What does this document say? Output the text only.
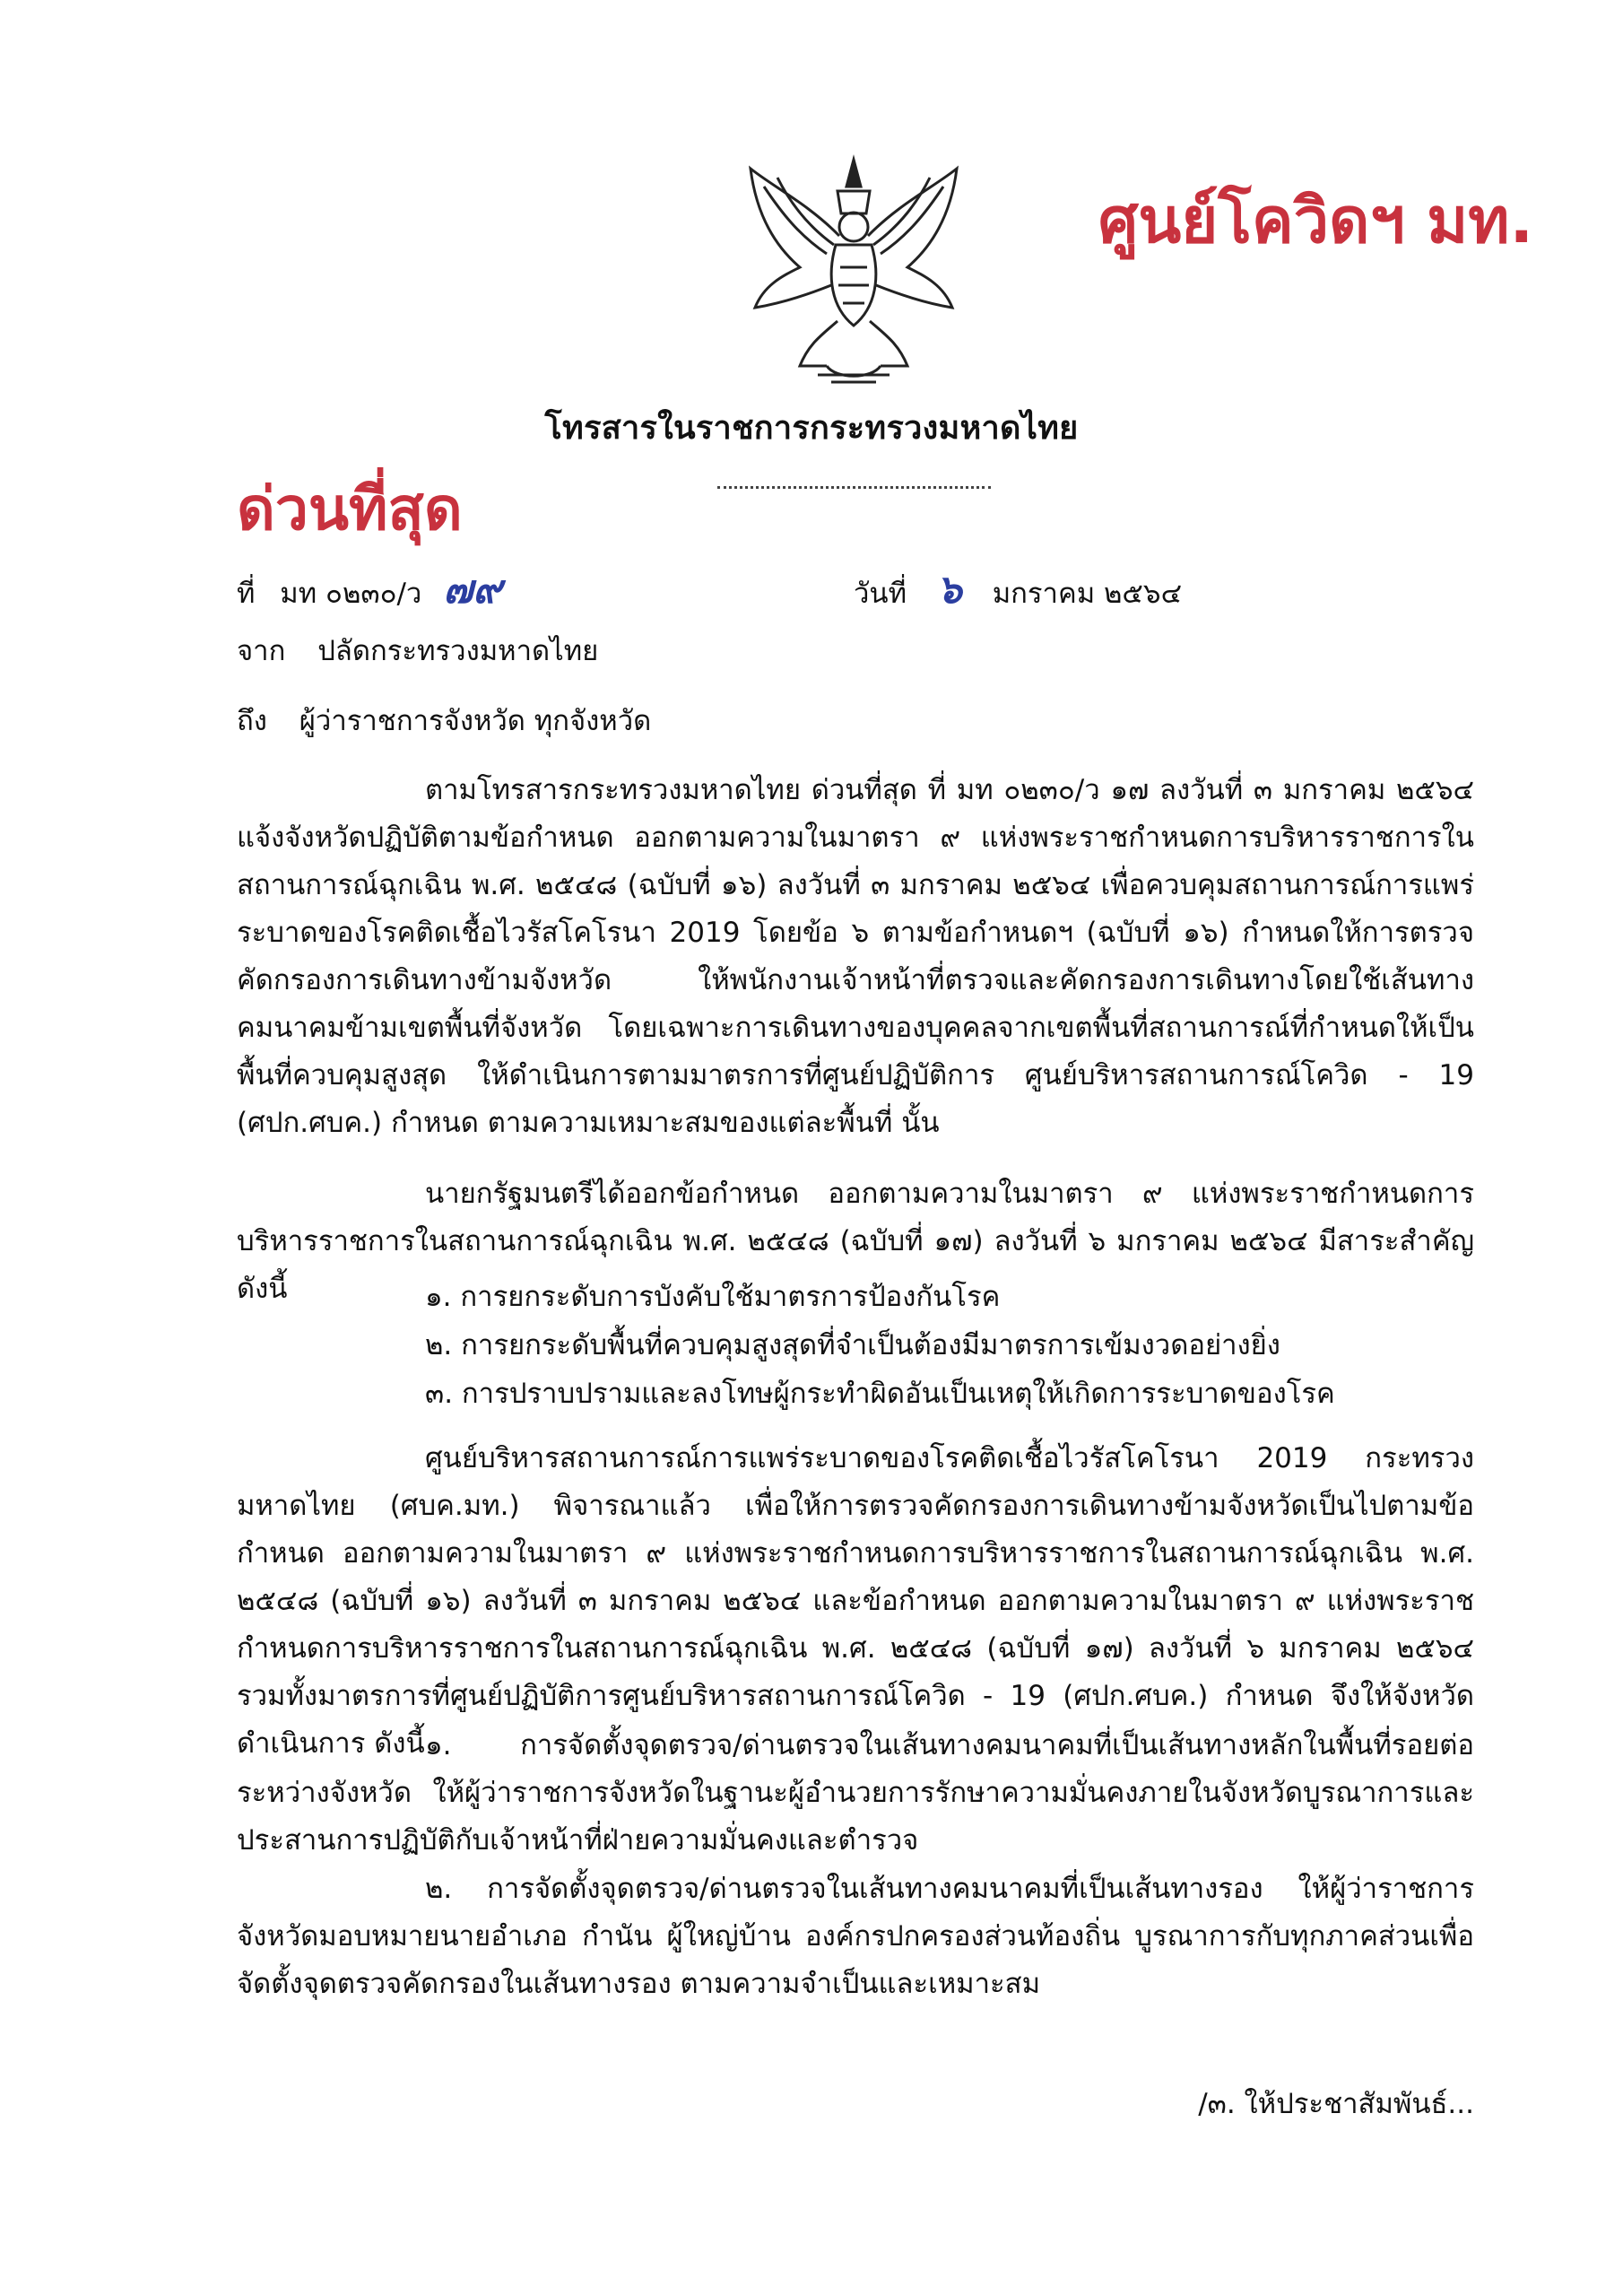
ศูนย์โควิดฯ มท.
โทรสารในราชการกระทรวงมหาดไทย
ด่วนที่สุด
ที่ มท ๐๒๓๐/ว ๗๙	วันที่ ๖ มกราคม ๒๕๖๔
จาก ปลัดกระทรวงมหาดไทย
ถึง ผู้ว่าราชการจังหวัด ทุกจังหวัด
ตามโทรสารกระทรวงมหาดไทย ด่วนที่สุด ที่ มท ๐๒๓๐/ว ๑๗ ลงวันที่ ๓ มกราคม ๒๕๖๔ แจ้งจังหวัดปฏิบัติตามข้อกำหนด ออกตามความในมาตรา ๙ แห่งพระราชกำหนดการบริหารราชการในสถานการณ์ฉุกเฉิน พ.ศ. ๒๕๔๘ (ฉบับที่ ๑๖) ลงวันที่ ๓ มกราคม ๒๕๖๔ เพื่อควบคุมสถานการณ์การแพร่ระบาดของโรคติดเชื้อไวรัสโคโรนา 2019 โดยข้อ ๖ ตามข้อกำหนดฯ (ฉบับที่ ๑๖) กำหนดให้การตรวจคัดกรองการเดินทางข้ามจังหวัด ให้พนักงานเจ้าหน้าที่ตรวจและคัดกรองการเดินทางโดยใช้เส้นทางคมนาคมข้ามเขตพื้นที่จังหวัด โดยเฉพาะการเดินทางของบุคคลจากเขตพื้นที่สถานการณ์ที่กำหนดให้เป็นพื้นที่ควบคุมสูงสุด ให้ดำเนินการตามมาตรการที่ศูนย์ปฏิบัติการ ศูนย์บริหารสถานการณ์โควิด - 19 (ศปก.ศบค.) กำหนด ตามความเหมาะสมของแต่ละพื้นที่ นั้น
นายกรัฐมนตรีได้ออกข้อกำหนด ออกตามความในมาตรา ๙ แห่งพระราชกำหนดการบริหารราชการในสถานการณ์ฉุกเฉิน พ.ศ. ๒๕๔๘ (ฉบับที่ ๑๗) ลงวันที่ ๖ มกราคม ๒๕๖๔ มีสาระสำคัญ ดังนี้	๑. การยกระดับการบังคับใช้มาตรการป้องกันโรค
๒. การยกระดับพื้นที่ควบคุมสูงสุดที่จำเป็นต้องมีมาตรการเข้มงวดอย่างยิ่ง
๓. การปราบปรามและลงโทษผู้กระทำผิดอันเป็นเหตุให้เกิดการระบาดของโรค
ศูนย์บริหารสถานการณ์การแพร่ระบาดของโรคติดเชื้อไวรัสโคโรนา 2019 กระทรวงมหาดไทย (ศบค.มท.) พิจารณาแล้ว เพื่อให้การตรวจคัดกรองการเดินทางข้ามจังหวัดเป็นไปตามข้อกำหนด ออกตามความในมาตรา ๙ แห่งพระราชกำหนดการบริหารราชการในสถานการณ์ฉุกเฉิน พ.ศ. ๒๕๔๘ (ฉบับที่ ๑๖) ลงวันที่ ๓ มกราคม ๒๕๖๔ และข้อกำหนด ออกตามความในมาตรา ๙ แห่งพระราชกำหนดการบริหารราชการในสถานการณ์ฉุกเฉิน พ.ศ. ๒๕๔๘ (ฉบับที่ ๑๗) ลงวันที่ ๖ มกราคม ๒๕๖๔ รวมทั้งมาตรการที่ศูนย์ปฏิบัติการศูนย์บริหารสถานการณ์โควิด - 19 (ศปก.ศบค.) กำหนด จึงให้จังหวัดดำเนินการ ดังนี้ ๑. การจัดตั้งจุดตรวจ/ด่านตรวจในเส้นทางคมนาคมที่เป็นเส้นทางหลักในพื้นที่รอยต่อระหว่างจังหวัด ให้ผู้ว่าราชการจังหวัดในฐานะผู้อำนวยการรักษาความมั่นคงภายในจังหวัดบูรณาการและประสานการปฏิบัติกับเจ้าหน้าที่ฝ่ายความมั่นคงและตำรวจ
๒. การจัดตั้งจุดตรวจ/ด่านตรวจในเส้นทางคมนาคมที่เป็นเส้นทางรอง ให้ผู้ว่าราชการจังหวัดมอบหมายนายอำเภอ กำนัน ผู้ใหญ่บ้าน องค์กรปกครองส่วนท้องถิ่น บูรณาการกับทุกภาคส่วนเพื่อจัดตั้งจุดตรวจคัดกรองในเส้นทางรอง ตามความจำเป็นและเหมาะสม
/๓. ให้ประชาสัมพันธ์...
